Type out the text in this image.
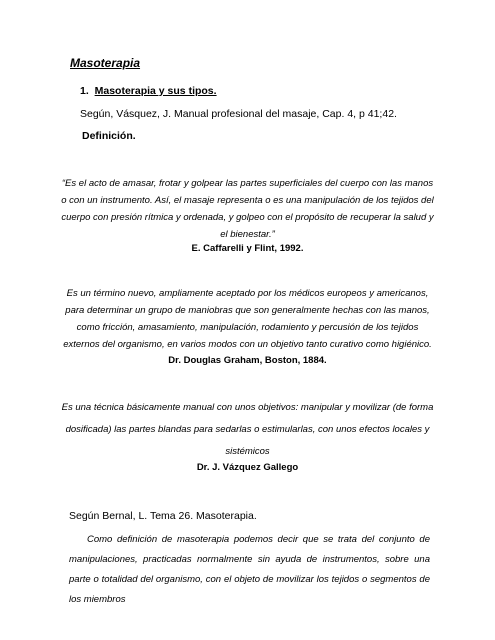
Masoterapia

1. Masoterapia y sus tipos.

Según, Vásquez, J. Manual profesional del masaje, Cap. 4, p 41;42.

Definición.

“Es el acto de amasar, frotar y golpear las partes superficiales del cuerpo con las manos o con un instrumento. Así, el masaje representa o es una manipulación de los tejidos del cuerpo con presión rítmica y ordenada, y golpeo con el propósito de recuperar la salud y el bienestar.”

E. Caffarelli y Flint, 1992.

Es un término nuevo, ampliamente aceptado por los médicos europeos y americanos, para determinar un grupo de maniobras que son generalmente hechas con las manos, como fricción, amasamiento, manipulación, rodamiento y percusión de los tejidos externos del organismo, en varios modos con un objetivo tanto curativo como higiénico.

Dr. Douglas Graham, Boston, 1884.

Es una técnica básicamente manual con unos objetivos: manipular y movilizar (de forma dosificada) las partes blandas para sedarlas o estimularlas, con unos efectos locales y sistémicos

Dr. J. Vázquez Gallego

Según Bernal, L. Tema 26. Masoterapia.

Como definición de masoterapia podemos decir que se trata del conjunto de manipulaciones, practicadas normalmente sin ayuda de instrumentos, sobre una parte o totalidad del organismo, con el objeto de movilizar los tejidos o segmentos de los miembros
